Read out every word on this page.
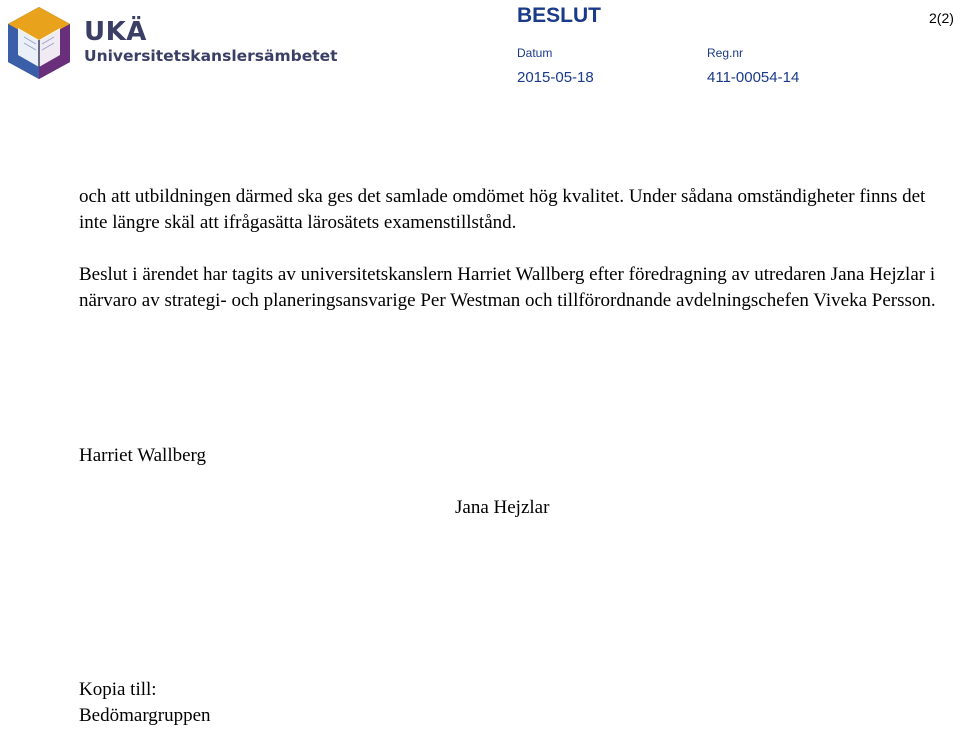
UKÄ
Universitetskanslersämbetet
BESLUT	2(2)
Datum	Reg.nr
2015-05-18	411-00054-14

och att utbildningen därmed ska ges det samlade omdömet hög kvalitet. Under sådana omständigheter finns det inte längre skäl att ifrågasätta lärosätets examenstillstånd.

Beslut i ärendet har tagits av universitetskanslern Harriet Wallberg efter föredragning av utredaren Jana Hejzlar i närvaro av strategi- och planeringsansvarige Per Westman och tillförordnande avdelningschefen Viveka Persson.

Harriet Wallberg
Jana Hejzlar
Kopia till:
Bedömargruppen
